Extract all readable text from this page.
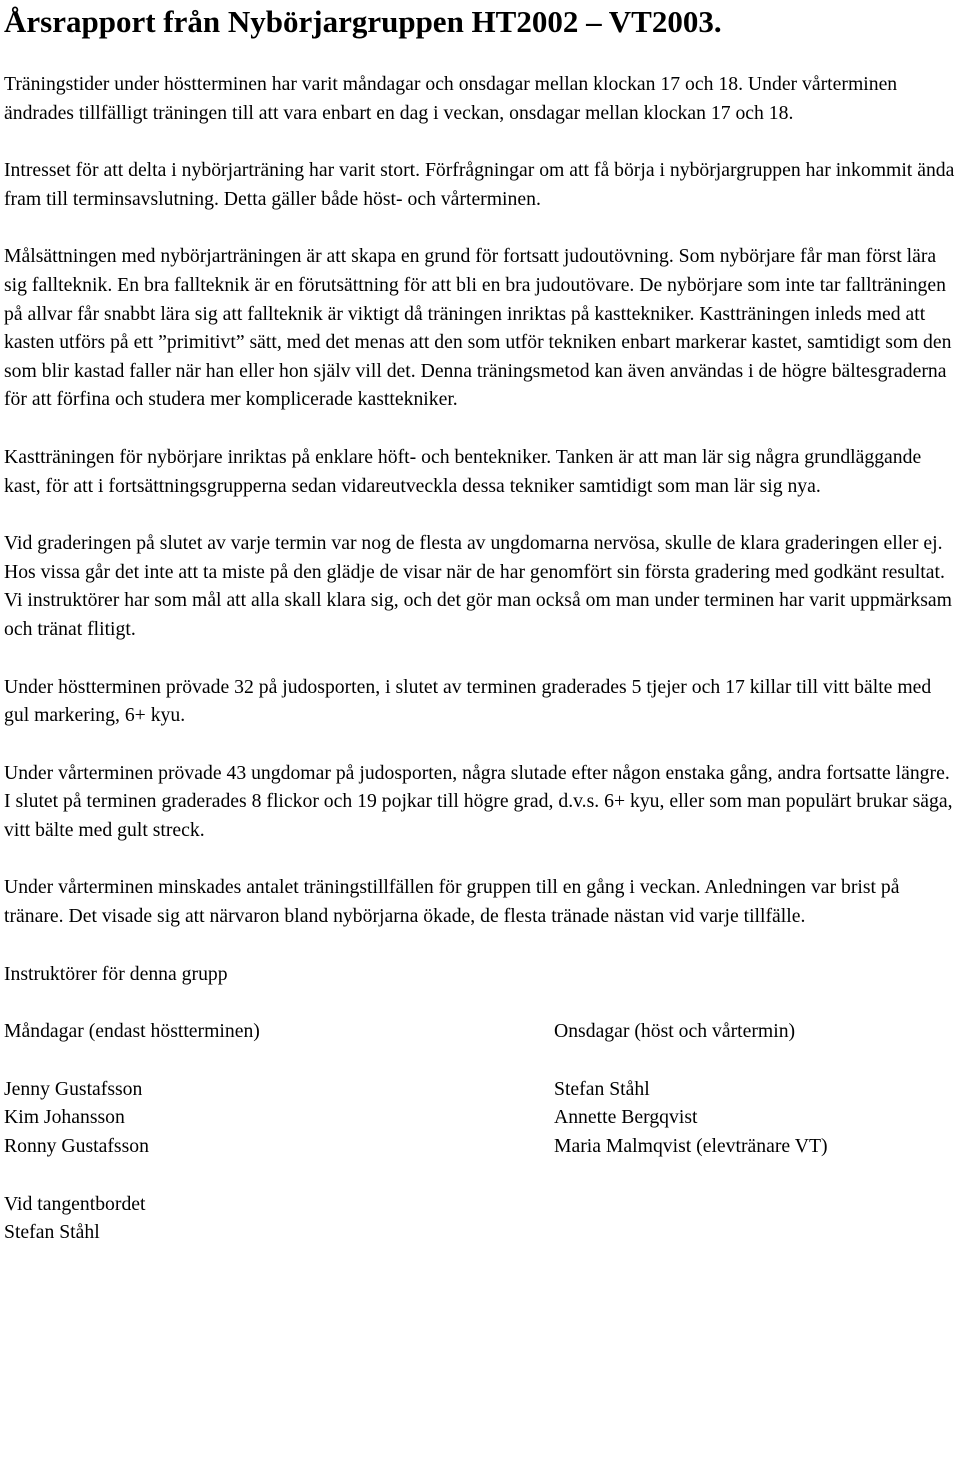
Årsrapport från Nybörjargruppen HT2002 – VT2003.

Träningstider under höstterminen har varit måndagar och onsdagar mellan klockan 17 och 18. Under vårterminen ändrades tillfälligt träningen till att vara enbart en dag i veckan, onsdagar mellan klockan 17 och 18.

Intresset för att delta i nybörjarträning har varit stort. Förfrågningar om att få börja i nybörjargruppen har inkommit ända fram till terminsavslutning. Detta gäller både höst- och vårterminen.

Målsättningen med nybörjarträningen är att skapa en grund för fortsatt judoutövning. Som nybörjare får man först lära sig fallteknik. En bra fallteknik är en förutsättning för att bli en bra judoutövare. De nybörjare som inte tar fallträningen på allvar får snabbt lära sig att fallteknik är viktigt då träningen inriktas på kasttekniker. Kastträningen inleds med att kasten utförs på ett ”primitivt” sätt, med det menas att den som utför tekniken enbart markerar kastet, samtidigt som den som blir kastad faller när han eller hon själv vill det. Denna träningsmetod kan även användas i de högre bältesgraderna för att förfina och studera mer komplicerade kasttekniker.

Kastträningen för nybörjare inriktas på enklare höft- och bentekniker. Tanken är att man lär sig några grundläggande kast, för att i fortsättningsgrupperna sedan vidareutveckla dessa tekniker samtidigt som man lär sig nya.

Vid graderingen på slutet av varje termin var nog de flesta av ungdomarna nervösa, skulle de klara graderingen eller ej. Hos vissa går det inte att ta miste på den glädje de visar när de har genomfört sin första gradering med godkänt resultat. Vi instruktörer har som mål att alla skall klara sig, och det gör man också om man under terminen har varit uppmärksam och tränat flitigt.

Under höstterminen prövade 32 på judosporten, i slutet av terminen graderades 5 tjejer och 17 killar till vitt bälte med gul markering, 6+ kyu.

Under vårterminen prövade 43 ungdomar på judosporten, några slutade efter någon enstaka gång, andra fortsatte längre. I slutet på terminen graderades 8 flickor och 19 pojkar till högre grad, d.v.s. 6+ kyu, eller som man populärt brukar säga, vitt bälte med gult streck.

Under vårterminen minskades antalet träningstillfällen för gruppen till en gång i veckan. Anledningen var brist på tränare. Det visade sig att närvaron bland nybörjarna ökade, de flesta tränade nästan vid varje tillfälle.

Instruktörer för denna grupp

Måndagar (endast höstterminen)

Jenny Gustafsson
Kim Johansson
Ronny Gustafsson

Onsdagar (höst och vårtermin)

Stefan Ståhl
Annette Bergqvist
Maria Malmqvist (elevtränare VT)

Vid tangentbordet
Stefan Ståhl
